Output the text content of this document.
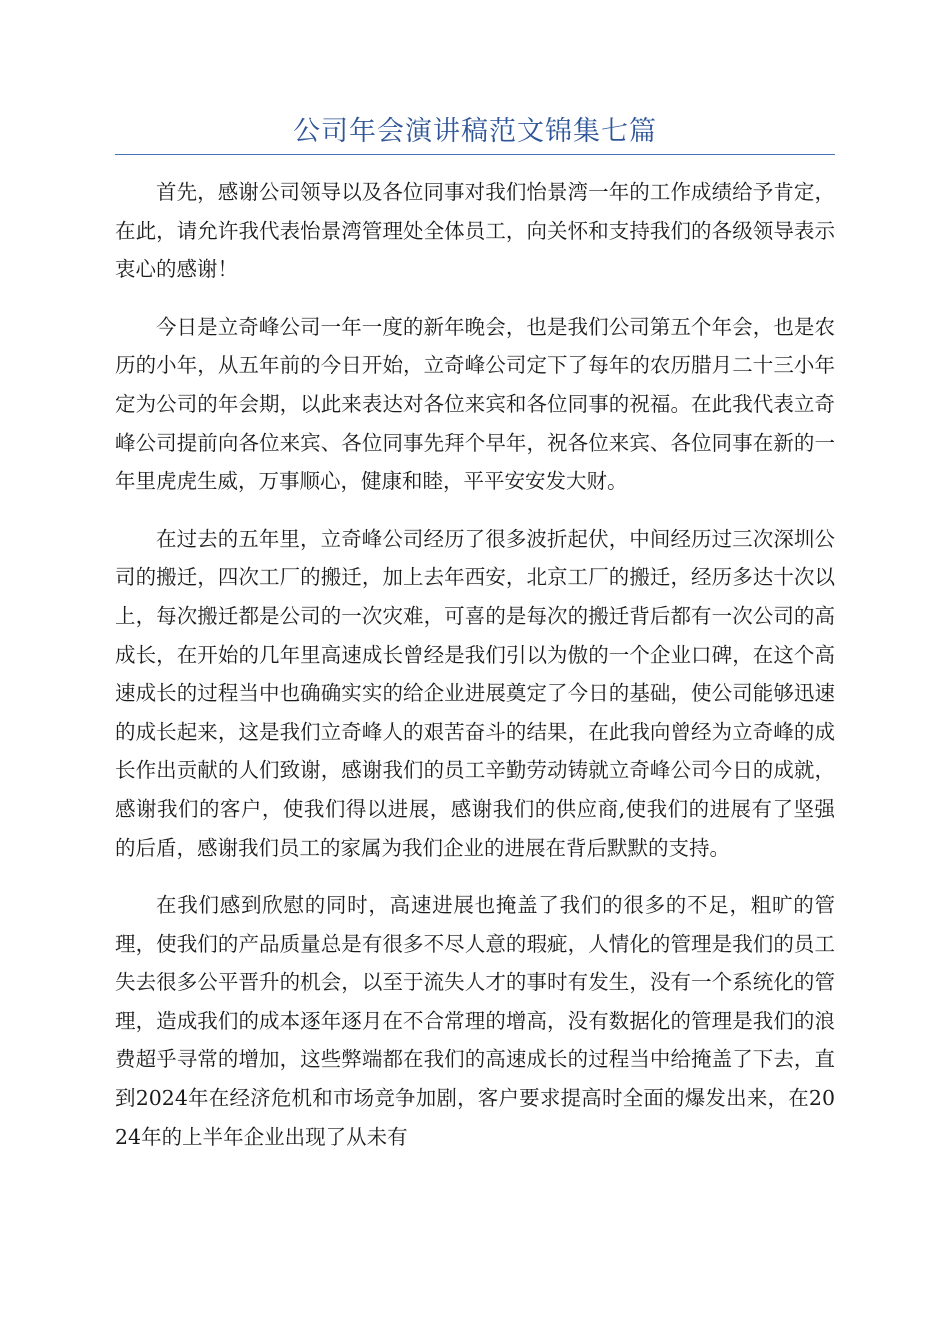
公司年会演讲稿范文锦集七篇

首先，感谢公司领导以及各位同事对我们怡景湾一年的工作成绩给予肯定，在此，请允许我代表怡景湾管理处全体员工，向关怀和支持我们的各级领导表示衷心的感谢！

今日是立奇峰公司一年一度的新年晚会，也是我们公司第五个年会，也是农历的小年，从五年前的今日开始，立奇峰公司定下了每年的农历腊月二十三小年定为公司的年会期，以此来表达对各位来宾和各位同事的祝福。在此我代表立奇峰公司提前向各位来宾、各位同事先拜个早年，祝各位来宾、各位同事在新的一年里虎虎生威，万事顺心，健康和睦，平平安安发大财。

在过去的五年里，立奇峰公司经历了很多波折起伏，中间经历过三次深圳公司的搬迁，四次工厂的搬迁，加上去年西安，北京工厂的搬迁，经历多达十次以上，每次搬迁都是公司的一次灾难，可喜的是每次的搬迁背后都有一次公司的高成长，在开始的几年里高速成长曾经是我们引以为傲的一个企业口碑，在这个高速成长的过程当中也确确实实的给企业进展奠定了今日的基础，使公司能够迅速的成长起来，这是我们立奇峰人的艰苦奋斗的结果，在此我向曾经为立奇峰的成长作出贡献的人们致谢，感谢我们的员工辛勤劳动铸就立奇峰公司今日的成就，感谢我们的客户，使我们得以进展，感谢我们的供应商,使我们的进展有了坚强的后盾，感谢我们员工的家属为我们企业的进展在背后默默的支持。

在我们感到欣慰的同时，高速进展也掩盖了我们的很多的不足，粗旷的管理，使我们的产品质量总是有很多不尽人意的瑕疵，人情化的管理是我们的员工失去很多公平晋升的机会，以至于流失人才的事时有发生，没有一个系统化的管理，造成我们的成本逐年逐月在不合常理的增高，没有数据化的管理是我们的浪费超乎寻常的增加，这些弊端都在我们的高速成长的过程当中给掩盖了下去，直到2024年在经济危机和市场竞争加剧，客户要求提高时全面的爆发出来，在2024年的上半年企业出现了从未有
